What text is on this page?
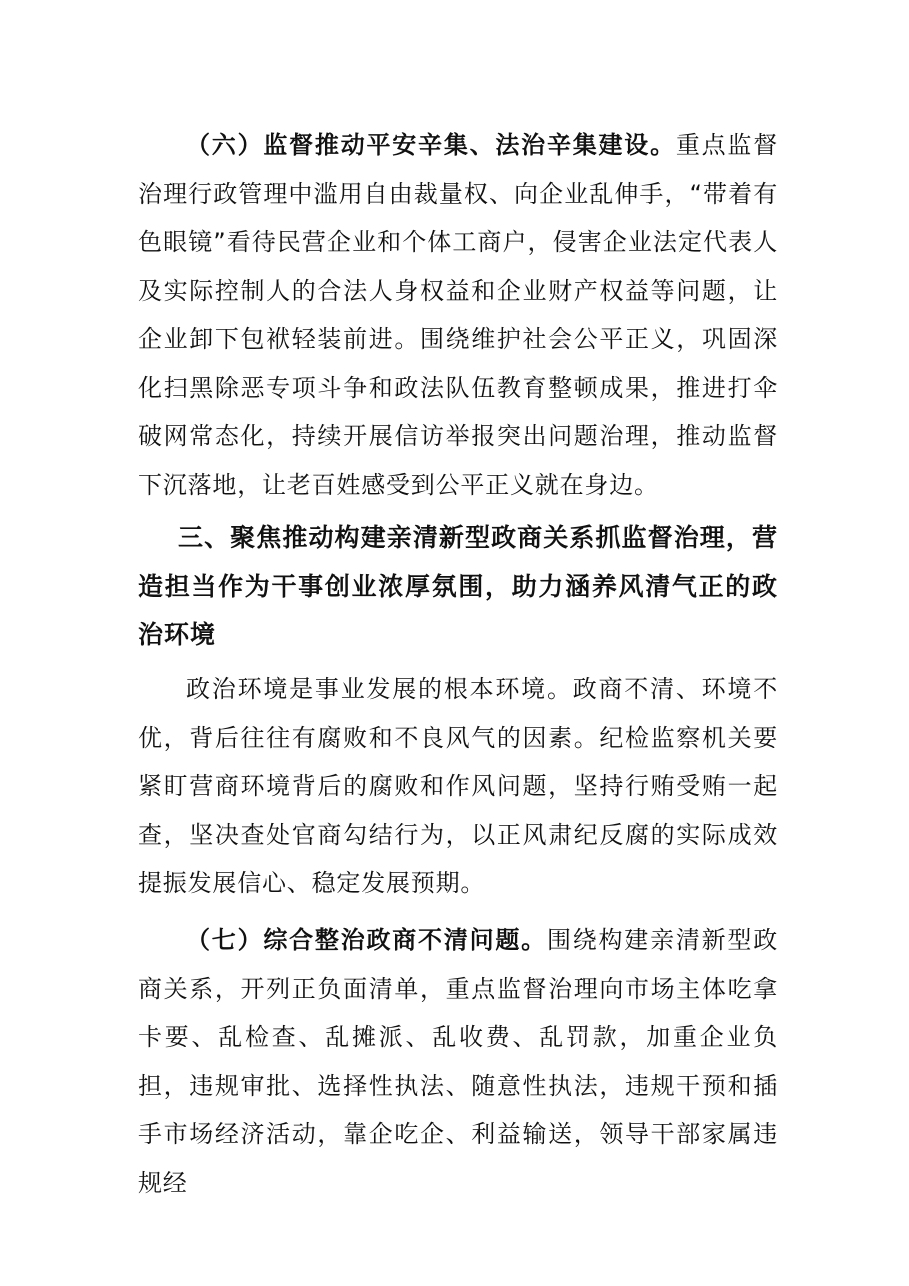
（六）监督推动平安辛集、法治辛集建设。重点监督治理行政管理中滥用自由裁量权、向企业乱伸手，“带着有色眼镜”看待民营企业和个体工商户，侵害企业法定代表人及实际控制人的合法人身权益和企业财产权益等问题，让企业卸下包袱轻装前进。围绕维护社会公平正义，巩固深化扫黑除恶专项斗争和政法队伍教育整顿成果，推进打伞破网常态化，持续开展信访举报突出问题治理，推动监督下沉落地，让老百姓感受到公平正义就在身边。

三、聚焦推动构建亲清新型政商关系抓监督治理，营造担当作为干事创业浓厚氛围，助力涵养风清气正的政治环境

政治环境是事业发展的根本环境。政商不清、环境不优，背后往往有腐败和不良风气的因素。纪检监察机关要紧盯营商环境背后的腐败和作风问题，坚持行贿受贿一起查，坚决查处官商勾结行为，以正风肃纪反腐的实际成效提振发展信心、稳定发展预期。

（七）综合整治政商不清问题。围绕构建亲清新型政商关系，开列正负面清单，重点监督治理向市场主体吃拿卡要、乱检查、乱摊派、乱收费、乱罚款，加重企业负担，违规审批、选择性执法、随意性执法，违规干预和插手市场经济活动，靠企吃企、利益输送，领导干部家属违规经
